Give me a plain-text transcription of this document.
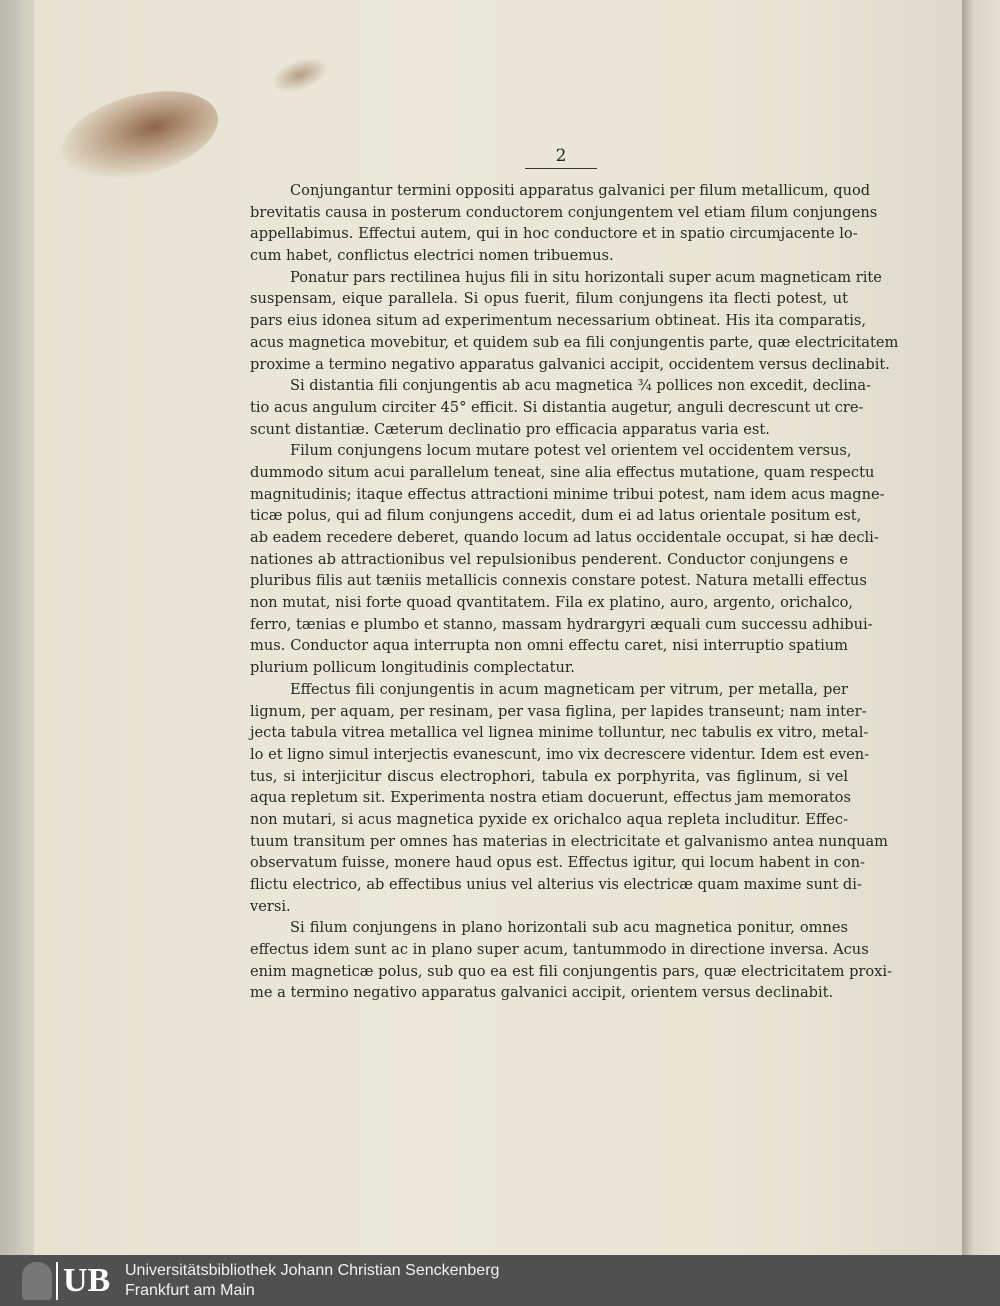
2
Conjungantur termini oppositi apparatus galvanici per filum metallicum, quod
brevitatis causa in posterum conductorem conjungentem vel etiam filum conjungens
appellabimus. Effectui autem, qui in hoc conductore et in spatio circumjacente lo-
cum habet, conflictus electrici nomen tribuemus.
Ponatur pars rectilinea hujus fili in situ horizontali super acum magneticam rite
suspensam, eique parallela. Si opus fuerit, filum conjungens ita flecti potest, ut
pars eius idonea situm ad experimentum necessarium obtineat. His ita comparatis,
acus magnetica movebitur, et quidem sub ea fili conjungentis parte, quæ electricitatem
proxime a termino negativo apparatus galvanici accipit, occidentem versus declinabit.
Si distantia fili conjungentis ab acu magnetica ¾ pollices non excedit, declina-
tio acus angulum circiter 45° efficit. Si distantia augetur, anguli decrescunt ut cre-
scunt distantiæ. Cæterum declinatio pro efficacia apparatus varia est.
Filum conjungens locum mutare potest vel orientem vel occidentem versus,
dummodo situm acui parallelum teneat, sine alia effectus mutatione, quam respectu
magnitudinis; itaque effectus attractioni minime tribui potest, nam idem acus magne-
ticæ polus, qui ad filum conjungens accedit, dum ei ad latus orientale positum est,
ab eadem recedere deberet, quando locum ad latus occidentale occupat, si hæ decli-
nationes ab attractionibus vel repulsionibus penderent. Conductor conjungens e
pluribus filis aut tæniis metallicis connexis constare potest. Natura metalli effectus
non mutat, nisi forte quoad qvantitatem. Fila ex platino, auro, argento, orichalco,
ferro, tænias e plumbo et stanno, massam hydrargyri æquali cum successu adhibui-
mus. Conductor aqua interrupta non omni effectu caret, nisi interruptio spatium
plurium pollicum longitudinis complectatur.
Effectus fili conjungentis in acum magneticam per vitrum, per metalla, per
lignum, per aquam, per resinam, per vasa figlina, per lapides transeunt; nam inter-
jecta tabula vitrea metallica vel lignea minime tolluntur, nec tabulis ex vitro, metal-
lo et ligno simul interjectis evanescunt, imo vix decrescere videntur. Idem est even-
tus, si interjicitur discus electrophori, tabula ex porphyrita, vas figlinum, si vel
aqua repletum sit. Experimenta nostra etiam docuerunt, effectus jam memoratos
non mutari, si acus magnetica pyxide ex orichalco aqua repleta includitur. Effec-
tuum transitum per omnes has materias in electricitate et galvanismo antea nunquam
observatum fuisse, monere haud opus est. Effectus igitur, qui locum habent in con-
flictu electrico, ab effectibus unius vel alterius vis electricæ quam maxime sunt di-
versi.
Si filum conjungens in plano horizontali sub acu magnetica ponitur, omnes
effectus idem sunt ac in plano super acum, tantummodo in directione inversa. Acus
enim magneticæ polus, sub quo ea est fili conjungentis pars, quæ electricitatem proxi-
me a termino negativo apparatus galvanici accipit, orientem versus declinabit.
UB Universitätsbibliothek Johann Christian Senckenberg
Frankfurt am Main
